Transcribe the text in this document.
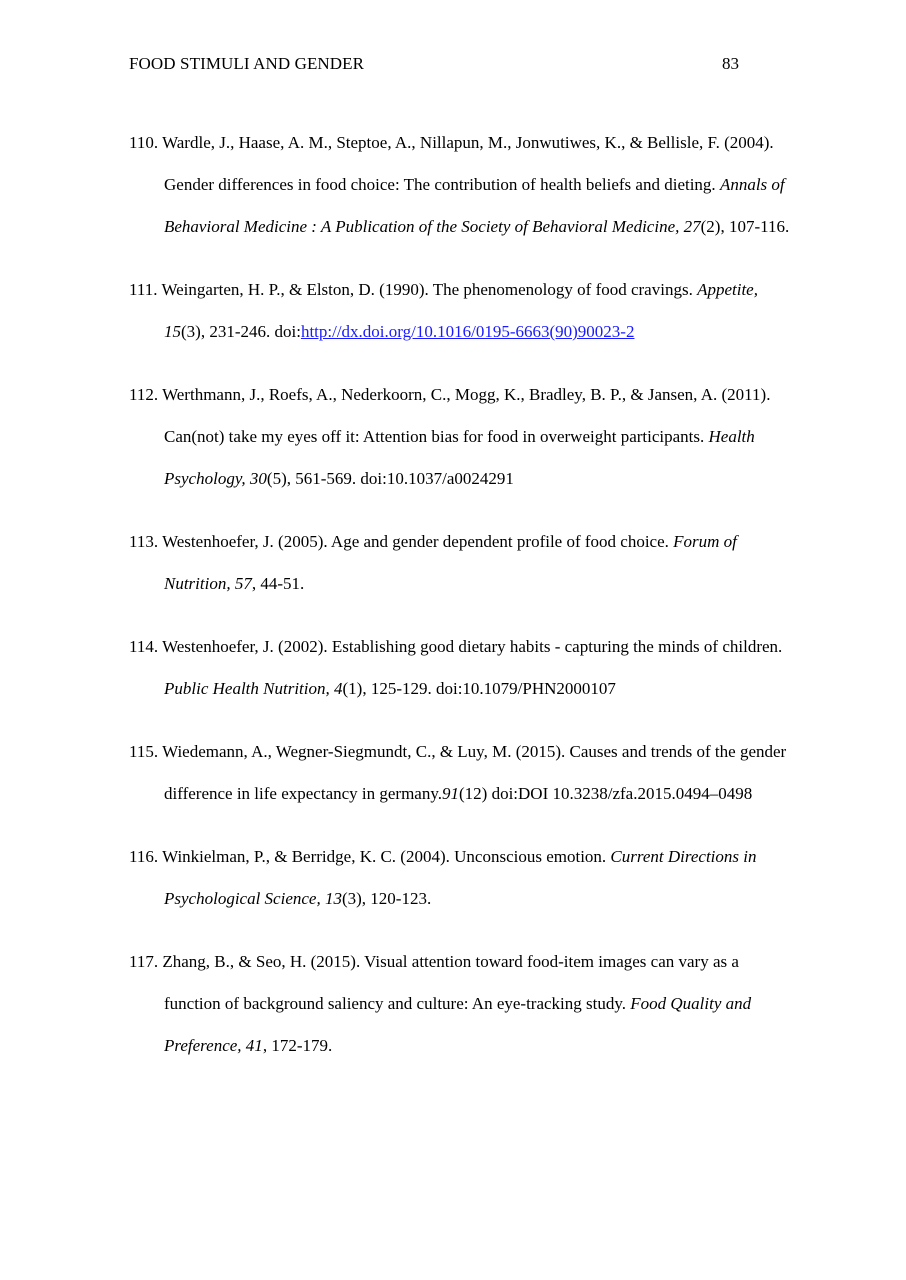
FOOD STIMULI AND GENDER	83

110. Wardle, J., Haase, A. M., Steptoe, A., Nillapun, M., Jonwutiwes, K., & Bellisle, F. (2004). Gender differences in food choice: The contribution of health beliefs and dieting. Annals of Behavioral Medicine : A Publication of the Society of Behavioral Medicine, 27(2), 107-116.

111. Weingarten, H. P., & Elston, D. (1990). The phenomenology of food cravings. Appetite, 15(3), 231-246. doi:http://dx.doi.org/10.1016/0195-6663(90)90023-2

112. Werthmann, J., Roefs, A., Nederkoorn, C., Mogg, K., Bradley, B. P., & Jansen, A. (2011). Can(not) take my eyes off it: Attention bias for food in overweight participants. Health Psychology, 30(5), 561-569. doi:10.1037/a0024291

113. Westenhoefer, J. (2005). Age and gender dependent profile of food choice. Forum of Nutrition, 57, 44-51.

114. Westenhoefer, J. (2002). Establishing good dietary habits - capturing the minds of children. Public Health Nutrition, 4(1), 125-129. doi:10.1079/PHN2000107

115. Wiedemann, A., Wegner-Siegmundt, C., & Luy, M. (2015). Causes and trends of the gender difference in life expectancy in germany.91(12) doi:DOI 10.3238/zfa.2015.0494–0498

116. Winkielman, P., & Berridge, K. C. (2004). Unconscious emotion. Current Directions in Psychological Science, 13(3), 120-123.

117. Zhang, B., & Seo, H. (2015). Visual attention toward food-item images can vary as a function of background saliency and culture: An eye-tracking study. Food Quality and Preference, 41, 172-179.
